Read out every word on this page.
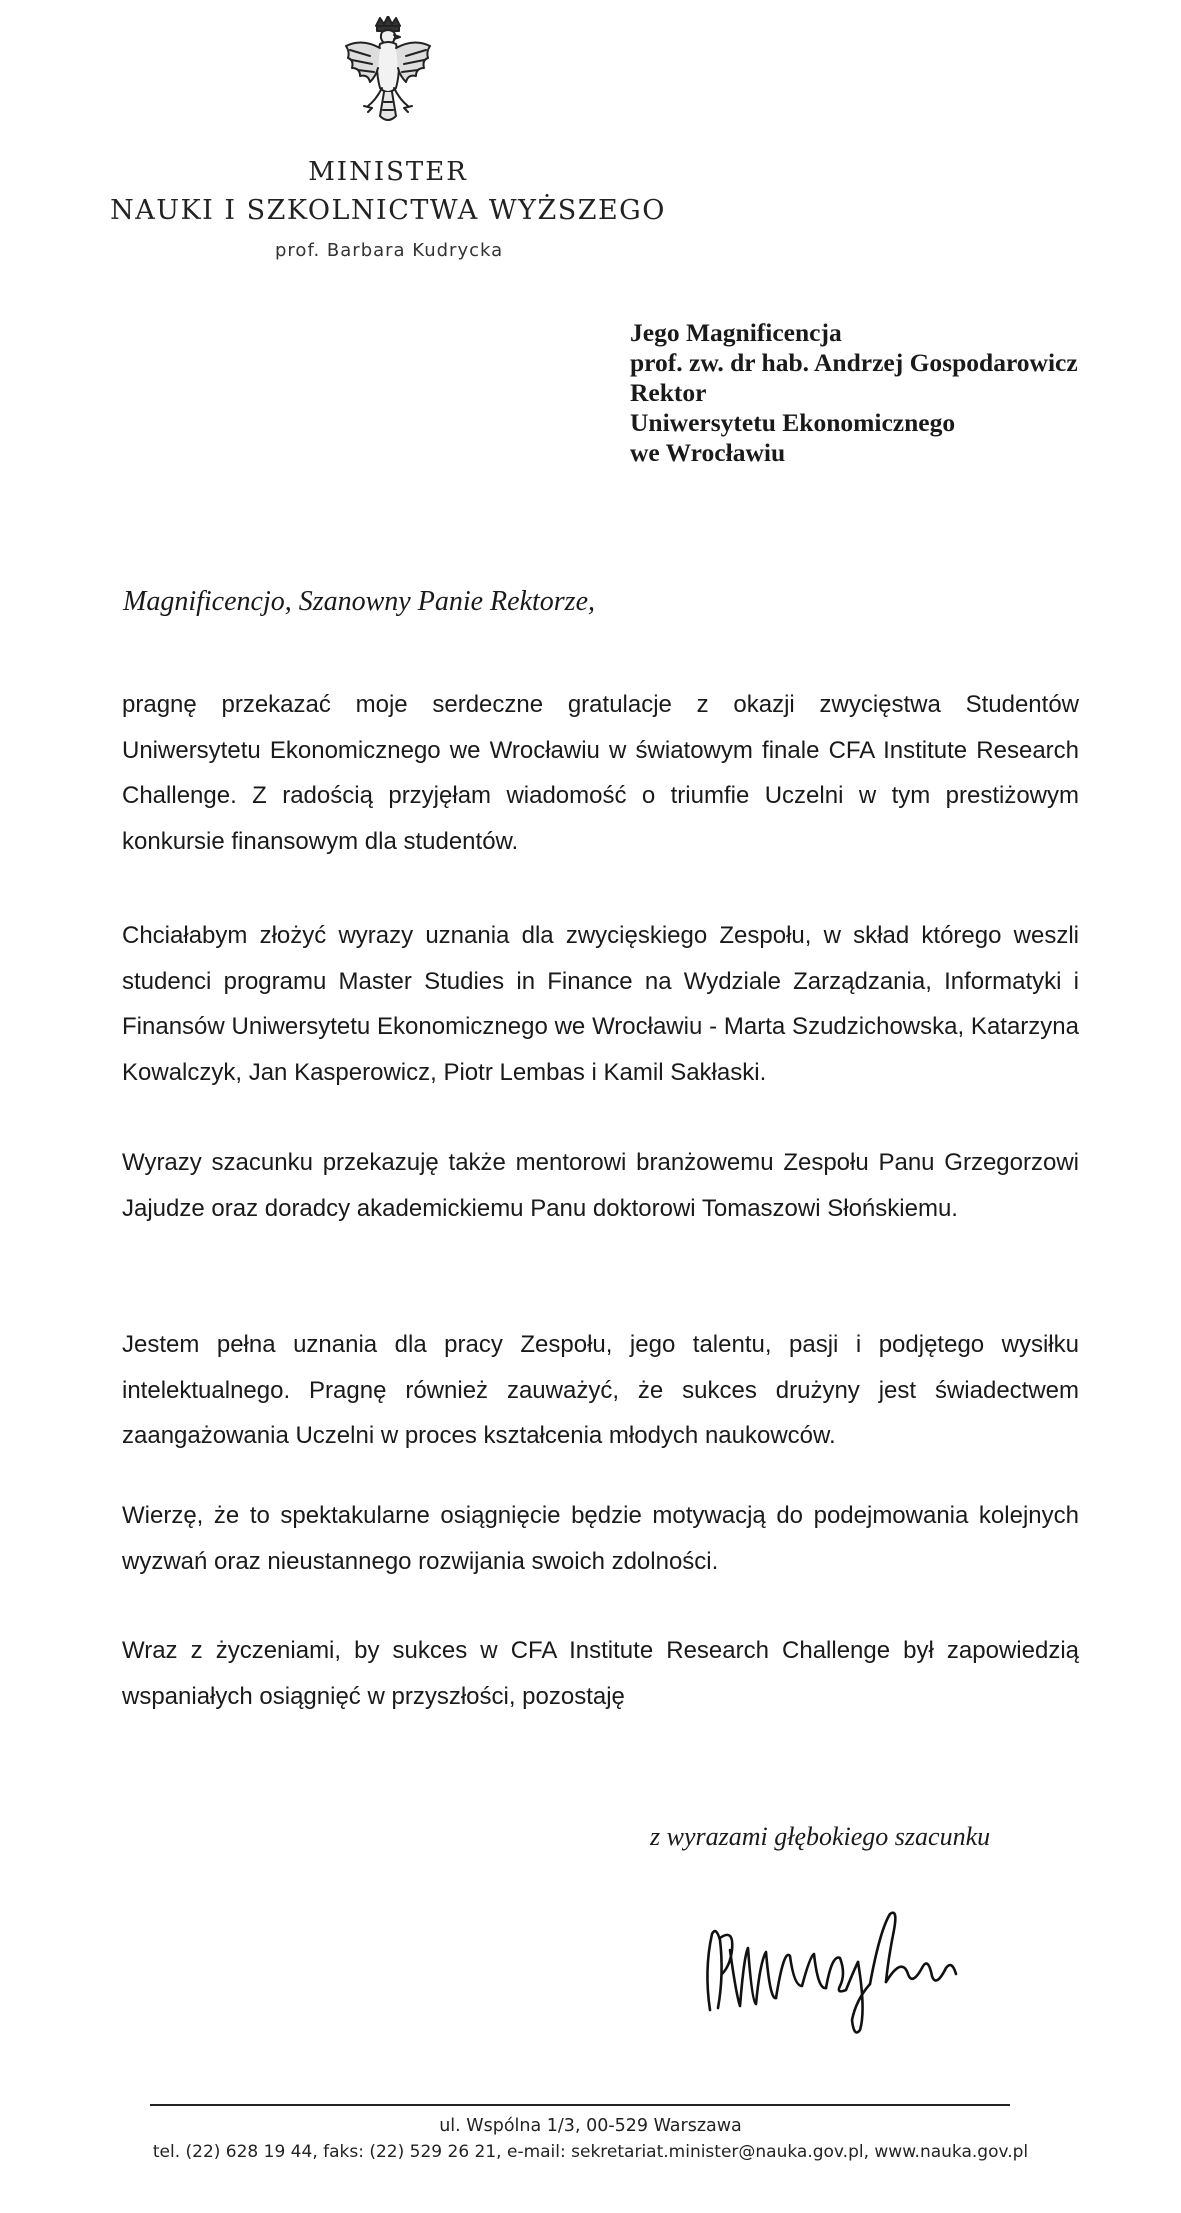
MINISTER
NAUKI I SZKOLNICTWA WYŻSZEGO
prof. Barbara Kudrycka
Jego Magnificencja
prof. zw. dr hab. Andrzej Gospodarowicz
Rektor
Uniwersytetu Ekonomicznego
we Wrocławiu
Magnificencjo, Szanowny Panie Rektorze,

pragnę przekazać moje serdeczne gratulacje z okazji zwycięstwa Studentów Uniwersytetu Ekonomicznego we Wrocławiu w światowym finale CFA Institute Research Challenge. Z radością przyjęłam wiadomość o triumfie Uczelni w tym prestiżowym konkursie finansowym dla studentów.

Chciałabym złożyć wyrazy uznania dla zwycięskiego Zespołu, w skład którego weszli studenci programu Master Studies in Finance na Wydziale Zarządzania, Informatyki i Finansów Uniwersytetu Ekonomicznego we Wrocławiu - Marta Szudzichowska, Katarzyna Kowalczyk, Jan Kasperowicz, Piotr Lembas i Kamil Sakłaski.

Wyrazy szacunku przekazuję także mentorowi branżowemu Zespołu Panu Grzegorzowi Jajudze oraz doradcy akademickiemu Panu doktorowi Tomaszowi Słońskiemu.

Jestem pełna uznania dla pracy Zespołu, jego talentu, pasji i podjętego wysiłku intelektualnego. Pragnę również zauważyć, że sukces drużyny jest świadectwem zaangażowania Uczelni w proces kształcenia młodych naukowców.

Wierzę, że to spektakularne osiągnięcie będzie motywacją do podejmowania kolejnych wyzwań oraz nieustannego rozwijania swoich zdolności.

Wraz z życzeniami, by sukces w CFA Institute Research Challenge był zapowiedzią wspaniałych osiągnięć w przyszłości, pozostaję

z wyrazami głębokiego szacunku
ul. Wspólna 1/3, 00-529 Warszawa
tel. (22) 628 19 44, faks: (22) 529 26 21, e-mail: sekretariat.minister@nauka.gov.pl, www.nauka.gov.pl
